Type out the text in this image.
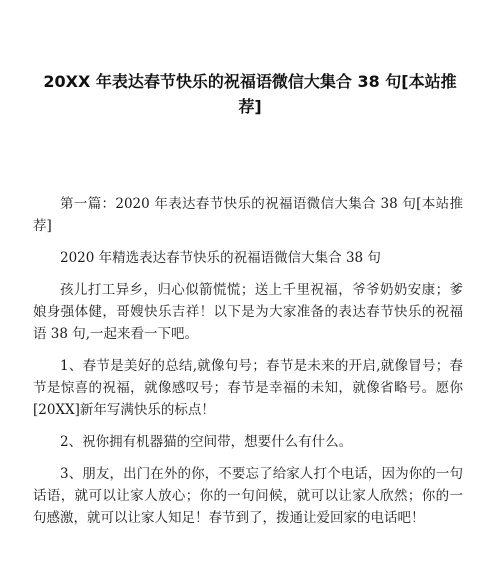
20XX 年表达春节快乐的祝福语微信大集合 38 句[本站推荐]

第一篇：2020 年表达春节快乐的祝福语微信大集合 38 句[本站推荐]

2020 年精选表达春节快乐的祝福语微信大集合 38 句

孩儿打工异乡，归心似箭慌慌；送上千里祝福，爷爷奶奶安康；爹娘身强体健，哥嫂快乐吉祥！以下是为大家准备的表达春节快乐的祝福语 38 句,一起来看一下吧。

1、春节是美好的总结,就像句号；春节是未来的开启,就像冒号；春节是惊喜的祝福，就像感叹号；春节是幸福的未知，就像省略号。愿你[20XX]新年写满快乐的标点！

2、祝你拥有机器猫的空间带，想要什么有什么。

3、朋友，出门在外的你，不要忘了给家人打个电话，因为你的一句话语，就可以让家人放心；你的一句问候，就可以让家人欣然；你的一句感激，就可以让家人知足！春节到了，拨通让爱回家的电话吧！
